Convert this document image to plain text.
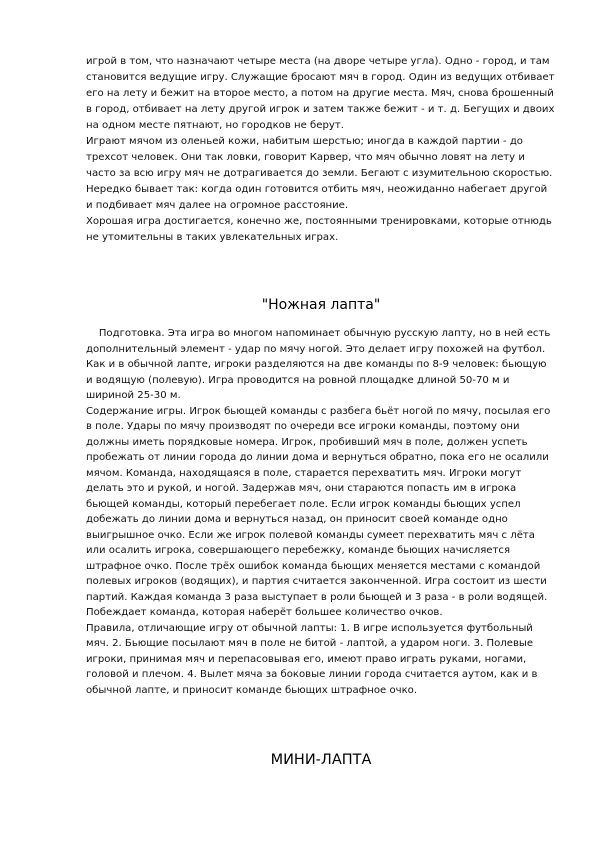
игрой в том, что назначают четыре места (на дворе четыре угла). Одно - город, и там становится ведущие игру. Служащие бросают мяч в город. Один из ведущих отбивает его на лету и бежит на второе место, а потом на другие места. Мяч, снова брошенный в город, отбивает на лету другой игрок и затем также бежит - и т. д. Бегущих и двоих на одном месте пятнают, но городков не берут.

Играют мячом из оленьей кожи, набитым шерстью; иногда в каждой партии - до трехсот человек. Они так ловки, говорит Карвер, что мяч обычно ловят на лету и часто за всю игру мяч не дотрагивается до земли. Бегают с изумительною скоростью. Нередко бывает так: когда один готовится отбить мяч, неожиданно набегает другой и подбивает мяч далее на огромное расстояние.

Хорошая игра достигается, конечно же, постоянными тренировками, которые отнюдь не утомительны в таких увлекательных играх.

"Ножная лапта"

Подготовка. Эта игра во многом напоминает обычную русскую лапту, но в ней есть дополнительный элемент - удар по мячу ногой. Это делает игру похожей на футбол. Как и в обычной лапте, игроки разделяются на две команды по 8-9 человек: бьющую и водящую (полевую). Игра проводится на ровной площадке длиной 50-70 м и шириной 25-30 м.

Содержание игры. Игрок бьющей команды с разбега бьёт ногой по мячу, посылая его в поле. Удары по мячу производят по очереди все игроки команды, поэтому они должны иметь порядковые номера. Игрок, пробивший мяч в поле, должен успеть пробежать от линии города до линии дома и вернуться обратно, пока его не осалили мячом. Команда, находящаяся в поле, старается перехватить мяч. Игроки могут делать это и рукой, и ногой. Задержав мяч, они стараются попасть им в игрока бьющей команды, который перебегает поле. Если игрок команды бьющих успел добежать до линии дома и вернуться назад, он приносит своей команде одно выигрышное очко. Если же игрок полевой команды сумеет перехватить мяч с лёта или осалить игрока, совершающего перебежку, команде бьющих начисляется штрафное очко. После трёх ошибок команда бьющих меняется местами с командой полевых игроков (водящих), и партия считается законченной. Игра состоит из шести партий. Каждая команда 3 раза выступает в роли бьющей и 3 раза - в роли водящей.

Побеждает команда, которая наберёт большее количество очков.

Правила, отличающие игру от обычной лапты: 1. В игре используется футбольный мяч. 2. Бьющие посылают мяч в поле не битой - лаптой, а ударом ноги. 3. Полевые игроки, принимая мяч и перепасовывая его, имеют право играть руками, ногами, головой и плечом. 4. Вылет мяча за боковые линии города считается аутом, как и в обычной лапте, и приносит команде бьющих штрафное очко.

МИНИ-ЛАПТА
